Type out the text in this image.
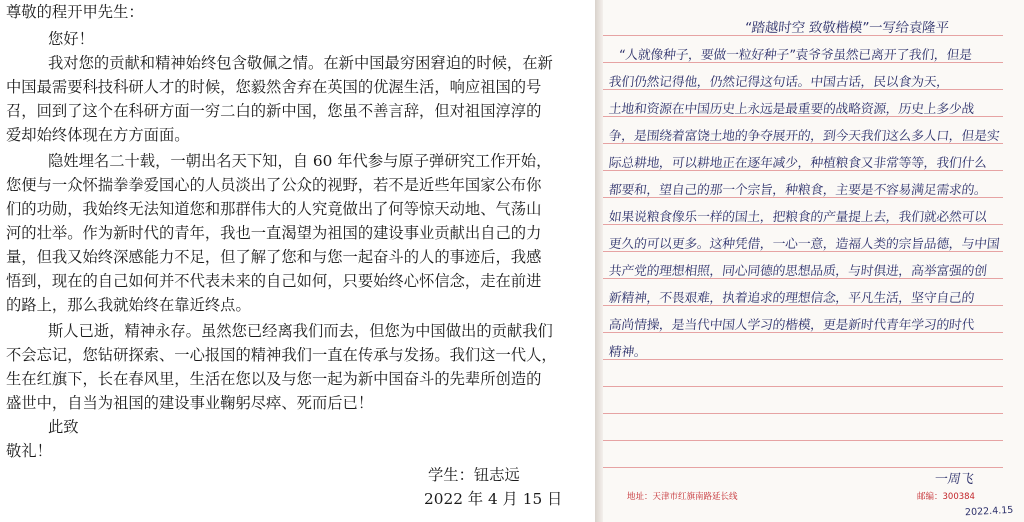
尊敬的程开甲先生：
您好！
我对您的贡献和精神始终包含敬佩之情。在新中国最穷困窘迫的时候，在新
中国最需要科技科研人才的时候，您毅然舍弃在英国的优渥生活，响应祖国的号
召，回到了这个在科研方面一穷二白的新中国，您虽不善言辞，但对祖国淳淳的
爱却始终体现在方方面面。
隐姓埋名二十载，一朝出名天下知，自 60 年代参与原子弹研究工作开始，
您便与一众怀揣拳拳爱国心的人员淡出了公众的视野，若不是近些年国家公布你
们的功勋，我始终无法知道您和那群伟大的人究竟做出了何等惊天动地、气荡山
河的壮举。作为新时代的青年，我也一直渴望为祖国的建设事业贡献出自己的力
量，但我又始终深感能力不足，但了解了您和与您一起奋斗的人的事迹后，我感
悟到，现在的自己如何并不代表未来的自己如何，只要始终心怀信念，走在前进
的路上，那么我就始终在靠近终点。
斯人已逝，精神永存。虽然您已经离我们而去，但您为中国做出的贡献我们
不会忘记，您钻研探索、一心报国的精神我们一直在传承与发扬。我们这一代人，
生在红旗下，长在春风里，生活在您以及与您一起为新中国奋斗的先辈所创造的
盛世中，自当为祖国的建设事业鞠躬尽瘁、死而后已！
此致
敬礼！
学生：钮志远
2022 年 4 月 15 日
“踏越时空 致敬楷模”一写给袁隆平
“人就像种子，要做一粒好种子”袁爷爷虽然已离开了我们，但是
我们仍然记得他，仍然记得这句话。中国古话，民以食为天，
土地和资源在中国历史上永远是最重要的战略资源，历史上多少战
争，是围绕着富饶土地的争夺展开的，到今天我们这么多人口，但是实
际总耕地，可以耕地正在逐年减少，种植粮食又非常等等，我们什么
都要和，望自己的那一个宗旨，种粮食，主要是不容易满足需求的。
如果说粮食像乐一样的国土，把粮食的产量提上去，我们就必然可以
更久的可以更多。这种凭借，一心一意，造福人类的宗旨品德，与中国
共产党的理想相照，同心同德的思想品质，与时俱进，高举富强的创
新精神，不畏艰难，执着追求的理想信念，平凡生活，坚守自己的
高尚情操，是当代中国人学习的楷模，更是新时代青年学习的时代
精神。
一周飞
地址：天津市红旗南路延长线	邮编：300384
2022.4.15
